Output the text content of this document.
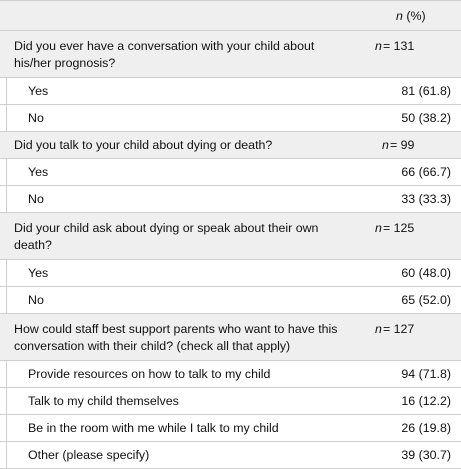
n (%)
Did you ever have a conversation with your child about his/her prognosis?
n = 131
Yes	81 (61.8)
No	50 (38.2)
Did you talk to your child about dying or death?	n = 99
Yes	66 (66.7)
No	33 (33.3)
Did your child ask about dying or speak about their own death?
n = 125
Yes	60 (48.0)
No	65 (52.0)
How could staff best support parents who want to have this conversation with their child? (check all that apply)
n = 127
Provide resources on how to talk to my child	94 (71.8)
Talk to my child themselves	16 (12.2)
Be in the room with me while I talk to my child	26 (19.8)
Other (please specify)	39 (30.7)
